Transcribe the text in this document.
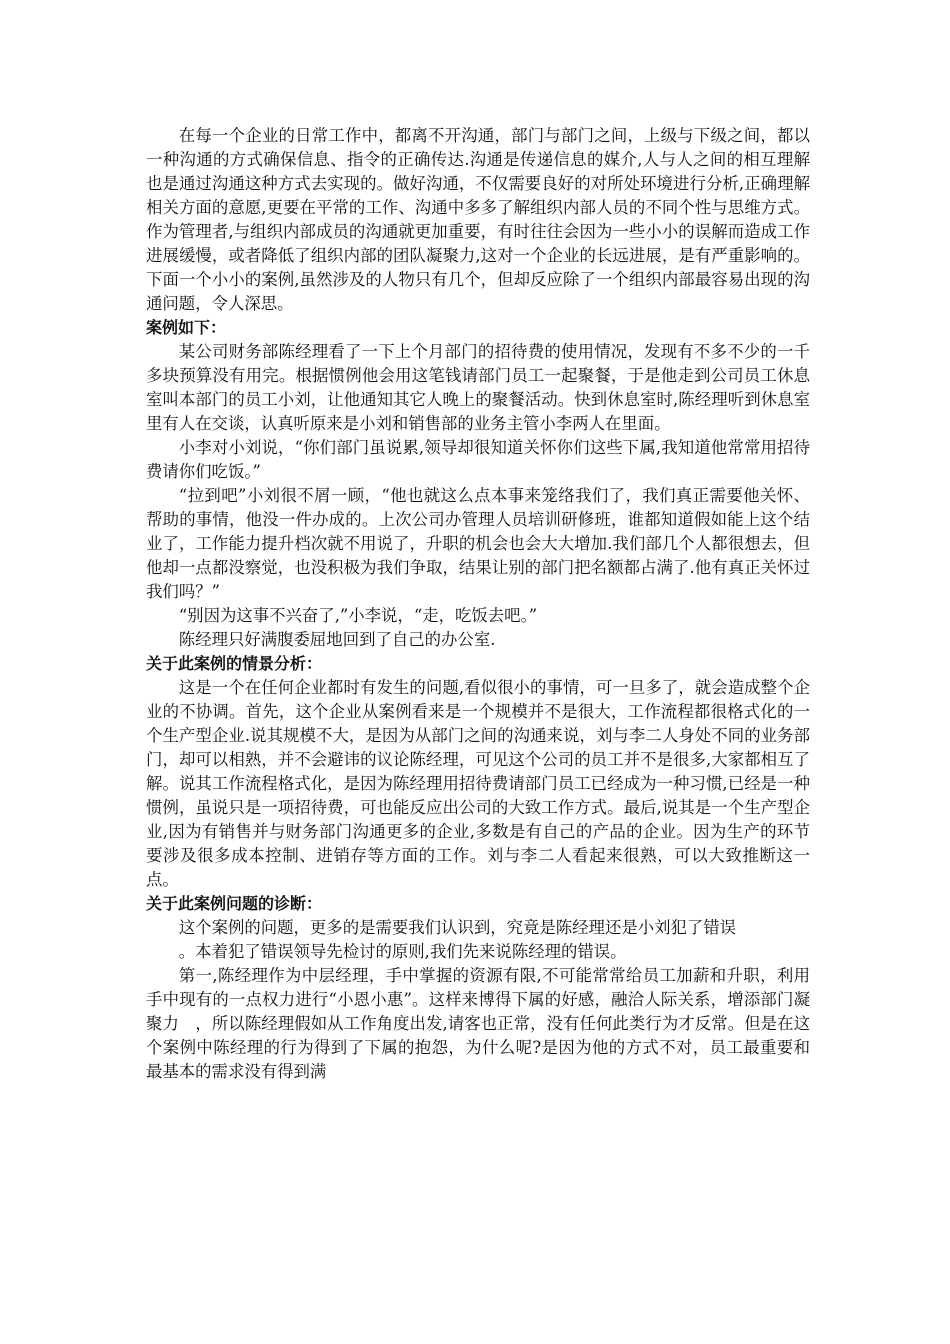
在每一个企业的日常工作中，都离不开沟通，部门与部门之间，上级与下级之间，都以一种沟通的方式确保信息、指令的正确传达.沟通是传递信息的媒介,人与人之间的相互理解也是通过沟通这种方式去实现的。做好沟通，不仅需要良好的对所处环境进行分析,正确理解相关方面的意愿,更要在平常的工作、沟通中多多了解组织内部人员的不同个性与思维方式。作为管理者,与组织内部成员的沟通就更加重要，有时往往会因为一些小小的误解而造成工作进展缓慢，或者降低了组织内部的团队凝聚力,这对一个企业的长远进展，是有严重影响的。下面一个小小的案例,虽然涉及的人物只有几个，但却反应除了一个组织内部最容易出现的沟通问题，令人深思。

案例如下：

某公司财务部陈经理看了一下上个月部门的招待费的使用情况，发现有不多不少的一千多块预算没有用完。根据惯例他会用这笔钱请部门员工一起聚餐，于是他走到公司员工休息室叫本部门的员工小刘，让他通知其它人晚上的聚餐活动。快到休息室时,陈经理听到休息室里有人在交谈，认真听原来是小刘和销售部的业务主管小李两人在里面。

小李对小刘说，“你们部门虽说累,领导却很知道关怀你们这些下属,我知道他常常用招待费请你们吃饭。”

“拉到吧”小刘很不屑一顾，“他也就这么点本事来笼络我们了，我们真正需要他关怀、帮助的事情，他没一件办成的。上次公司办管理人员培训研修班，谁都知道假如能上这个结业了，工作能力提升档次就不用说了，升职的机会也会大大增加.我们部几个人都很想去，但他却一点都没察觉，也没积极为我们争取，结果让别的部门把名额都占满了.他有真正关怀过我们吗？”

“别因为这事不兴奋了,”小李说，“走，吃饭去吧。”

陈经理只好满腹委屈地回到了自己的办公室.

关于此案例的情景分析：

这是一个在任何企业都时有发生的问题,看似很小的事情，可一旦多了，就会造成整个企业的不协调。首先，这个企业从案例看来是一个规模并不是很大，工作流程都很格式化的一个生产型企业.说其规模不大，是因为从部门之间的沟通来说，刘与李二人身处不同的业务部门，却可以相熟，并不会避讳的议论陈经理，可见这个公司的员工并不是很多,大家都相互了解。说其工作流程格式化，是因为陈经理用招待费请部门员工已经成为一种习惯,已经是一种惯例，虽说只是一项招待费，可也能反应出公司的大致工作方式。最后,说其是一个生产型企业,因为有销售并与财务部门沟通更多的企业,多数是有自己的产品的企业。因为生产的环节要涉及很多成本控制、进销存等方面的工作。刘与李二人看起来很熟，可以大致推断这一点。

关于此案例问题的诊断：

这个案例的问题，更多的是需要我们认识到，究竟是陈经理还是小刘犯了错误

。本着犯了错误领导先检讨的原则,我们先来说陈经理的错误。

第一,陈经理作为中层经理，手中掌握的资源有限,不可能常常给员工加薪和升职，利用手中现有的一点权力进行“小恩小惠”。这样来博得下属的好感，融洽人际关系，增添部门凝聚力　，所以陈经理假如从工作角度出发,请客也正常，没有任何此类行为才反常。但是在这个案例中陈经理的行为得到了下属的抱怨，为什么呢?是因为他的方式不对，员工最重要和最基本的需求没有得到满
